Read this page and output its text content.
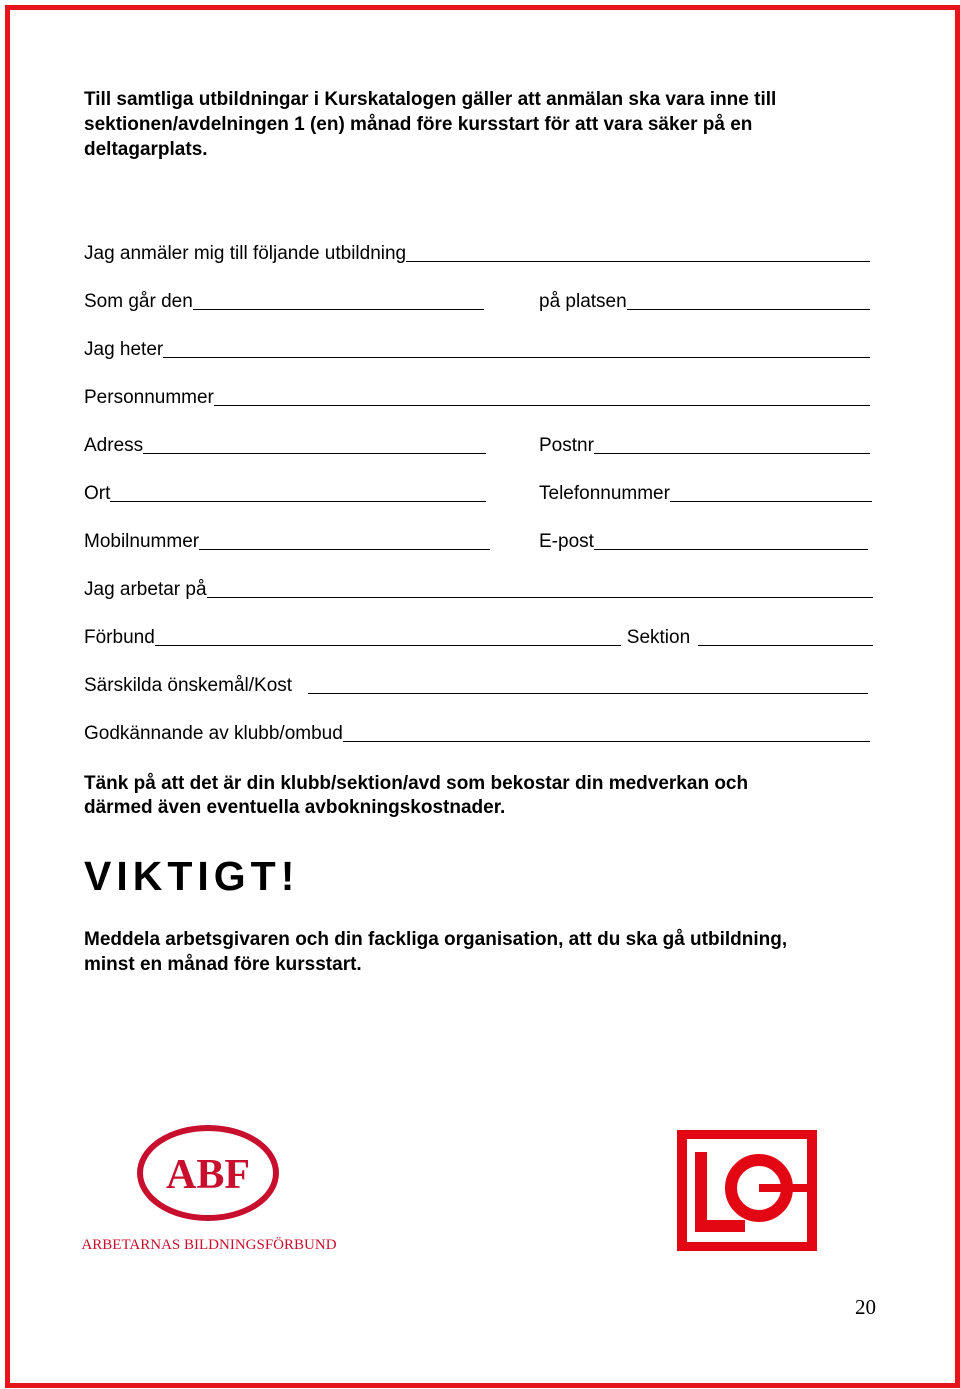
Till samtliga utbildningar i Kurskatalogen gäller att anmälan ska vara inne till
sektionen/avdelningen 1 (en) månad före kursstart för att vara säker på en
deltagarplats.
Jag anmäler mig till följande utbildning
Som går den	på platsen
Jag heter
Personnummer
Adress	Postnr
Ort	Telefonnummer
Mobilnummer	E-post
Jag arbetar på
Förbund	Sektion
Särskilda önskemål/Kost
Godkännande av klubb/ombud
Tänk på att det är din klubb/sektion/avd som bekostar din medverkan och
därmed även eventuella avbokningskostnader.
VIKTIGT!
Meddela arbetsgivaren och din fackliga organisation, att du ska gå utbildning,
minst en månad före kursstart.
ABF
ARBETARNAS BILDNINGSFÖRBUND
20
